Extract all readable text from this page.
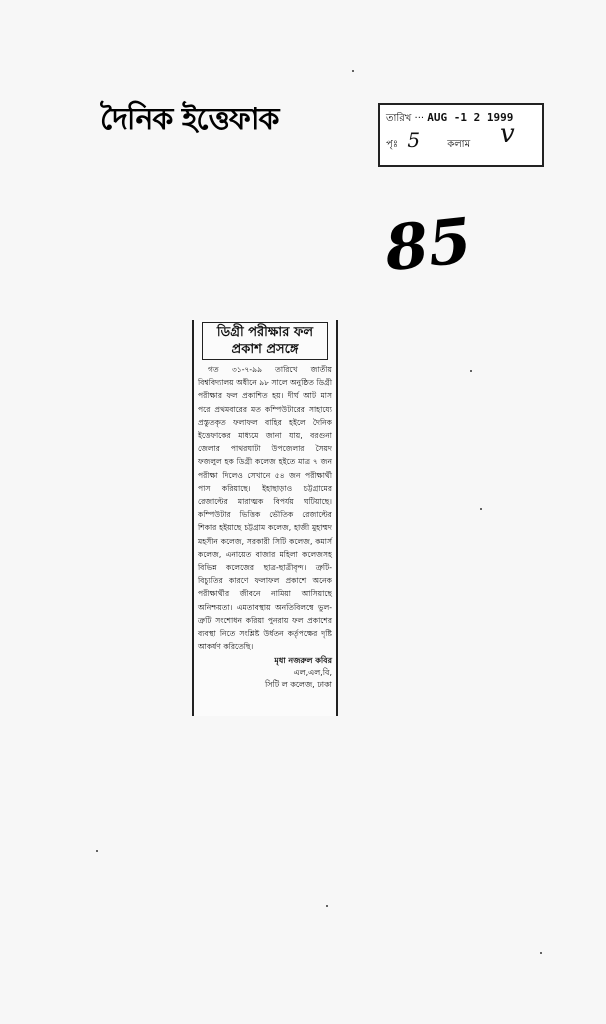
দৈনিক ইত্তেফাক	তারিখ ··· AUG -1 2 1999
পৃঃ 5	কলাম v
85
ডিগ্রী পরীক্ষার ফল
প্রকাশ প্রসঙ্গে

গত ৩১-৭-৯৯ তারিখে জাতীয় বিশ্ববিদ্যালয় অধীনে ৯৮ সালে অনুষ্ঠিত ডিগ্রী পরীক্ষার ফল প্রকাশিত হয়। দীর্ঘ আট মাস পরে প্রথমবারের মত কম্পিউটারের সাহায্যে প্রস্তুতকৃত ফলাফল বাহির হইলে দৈনিক ইত্তেফাকের মাধ্যমে জানা যায়, বরগুনা জেলার পাথরঘাটা উপজেলার সৈয়দ ফজলুল হক ডিগ্রী কলেজ হইতে মাত্র ৭ জন পরীক্ষা দিলেও সেখানে ৫৪ জন পরীক্ষার্থী পাস করিয়াছে। ইহাছাড়াও চট্টগ্রামের রেজাল্টের মারাত্মক বিপর্যয় ঘটিয়াছে। কম্পিউটার ভিত্তিক ভৌতিক রেজাল্টের শিকার হইয়াছে চট্টগ্রাম কলেজ, হাজী মুহাম্মদ মহসীন কলেজ, সরকারী সিটি কলেজ, কমার্স কলেজ, এনায়েত বাজার মহিলা কলেজসহ বিভিন্ন কলেজের ছাত্র-ছাত্রীবৃন্দ। ত্রুটি-বিচ্যুতির কারণে ফলাফল প্রকাশে অনেক পরীক্ষার্থীর জীবনে নামিয়া আসিয়াছে অনিশ্চয়তা। এমতাবস্থায় অনতিবিলম্বে ভুল-ত্রুটি সংশোধন করিয়া পুনরায় ফল প্রকাশের ব্যবস্থা নিতে সংশ্লিষ্ট উর্ধতন কর্তৃপক্ষের দৃষ্টি আকর্ষণ করিতেছি।

মৃধা নজরুল কবির
এল,এল,বি,
সিটি ল কলেজ, ঢাকা
